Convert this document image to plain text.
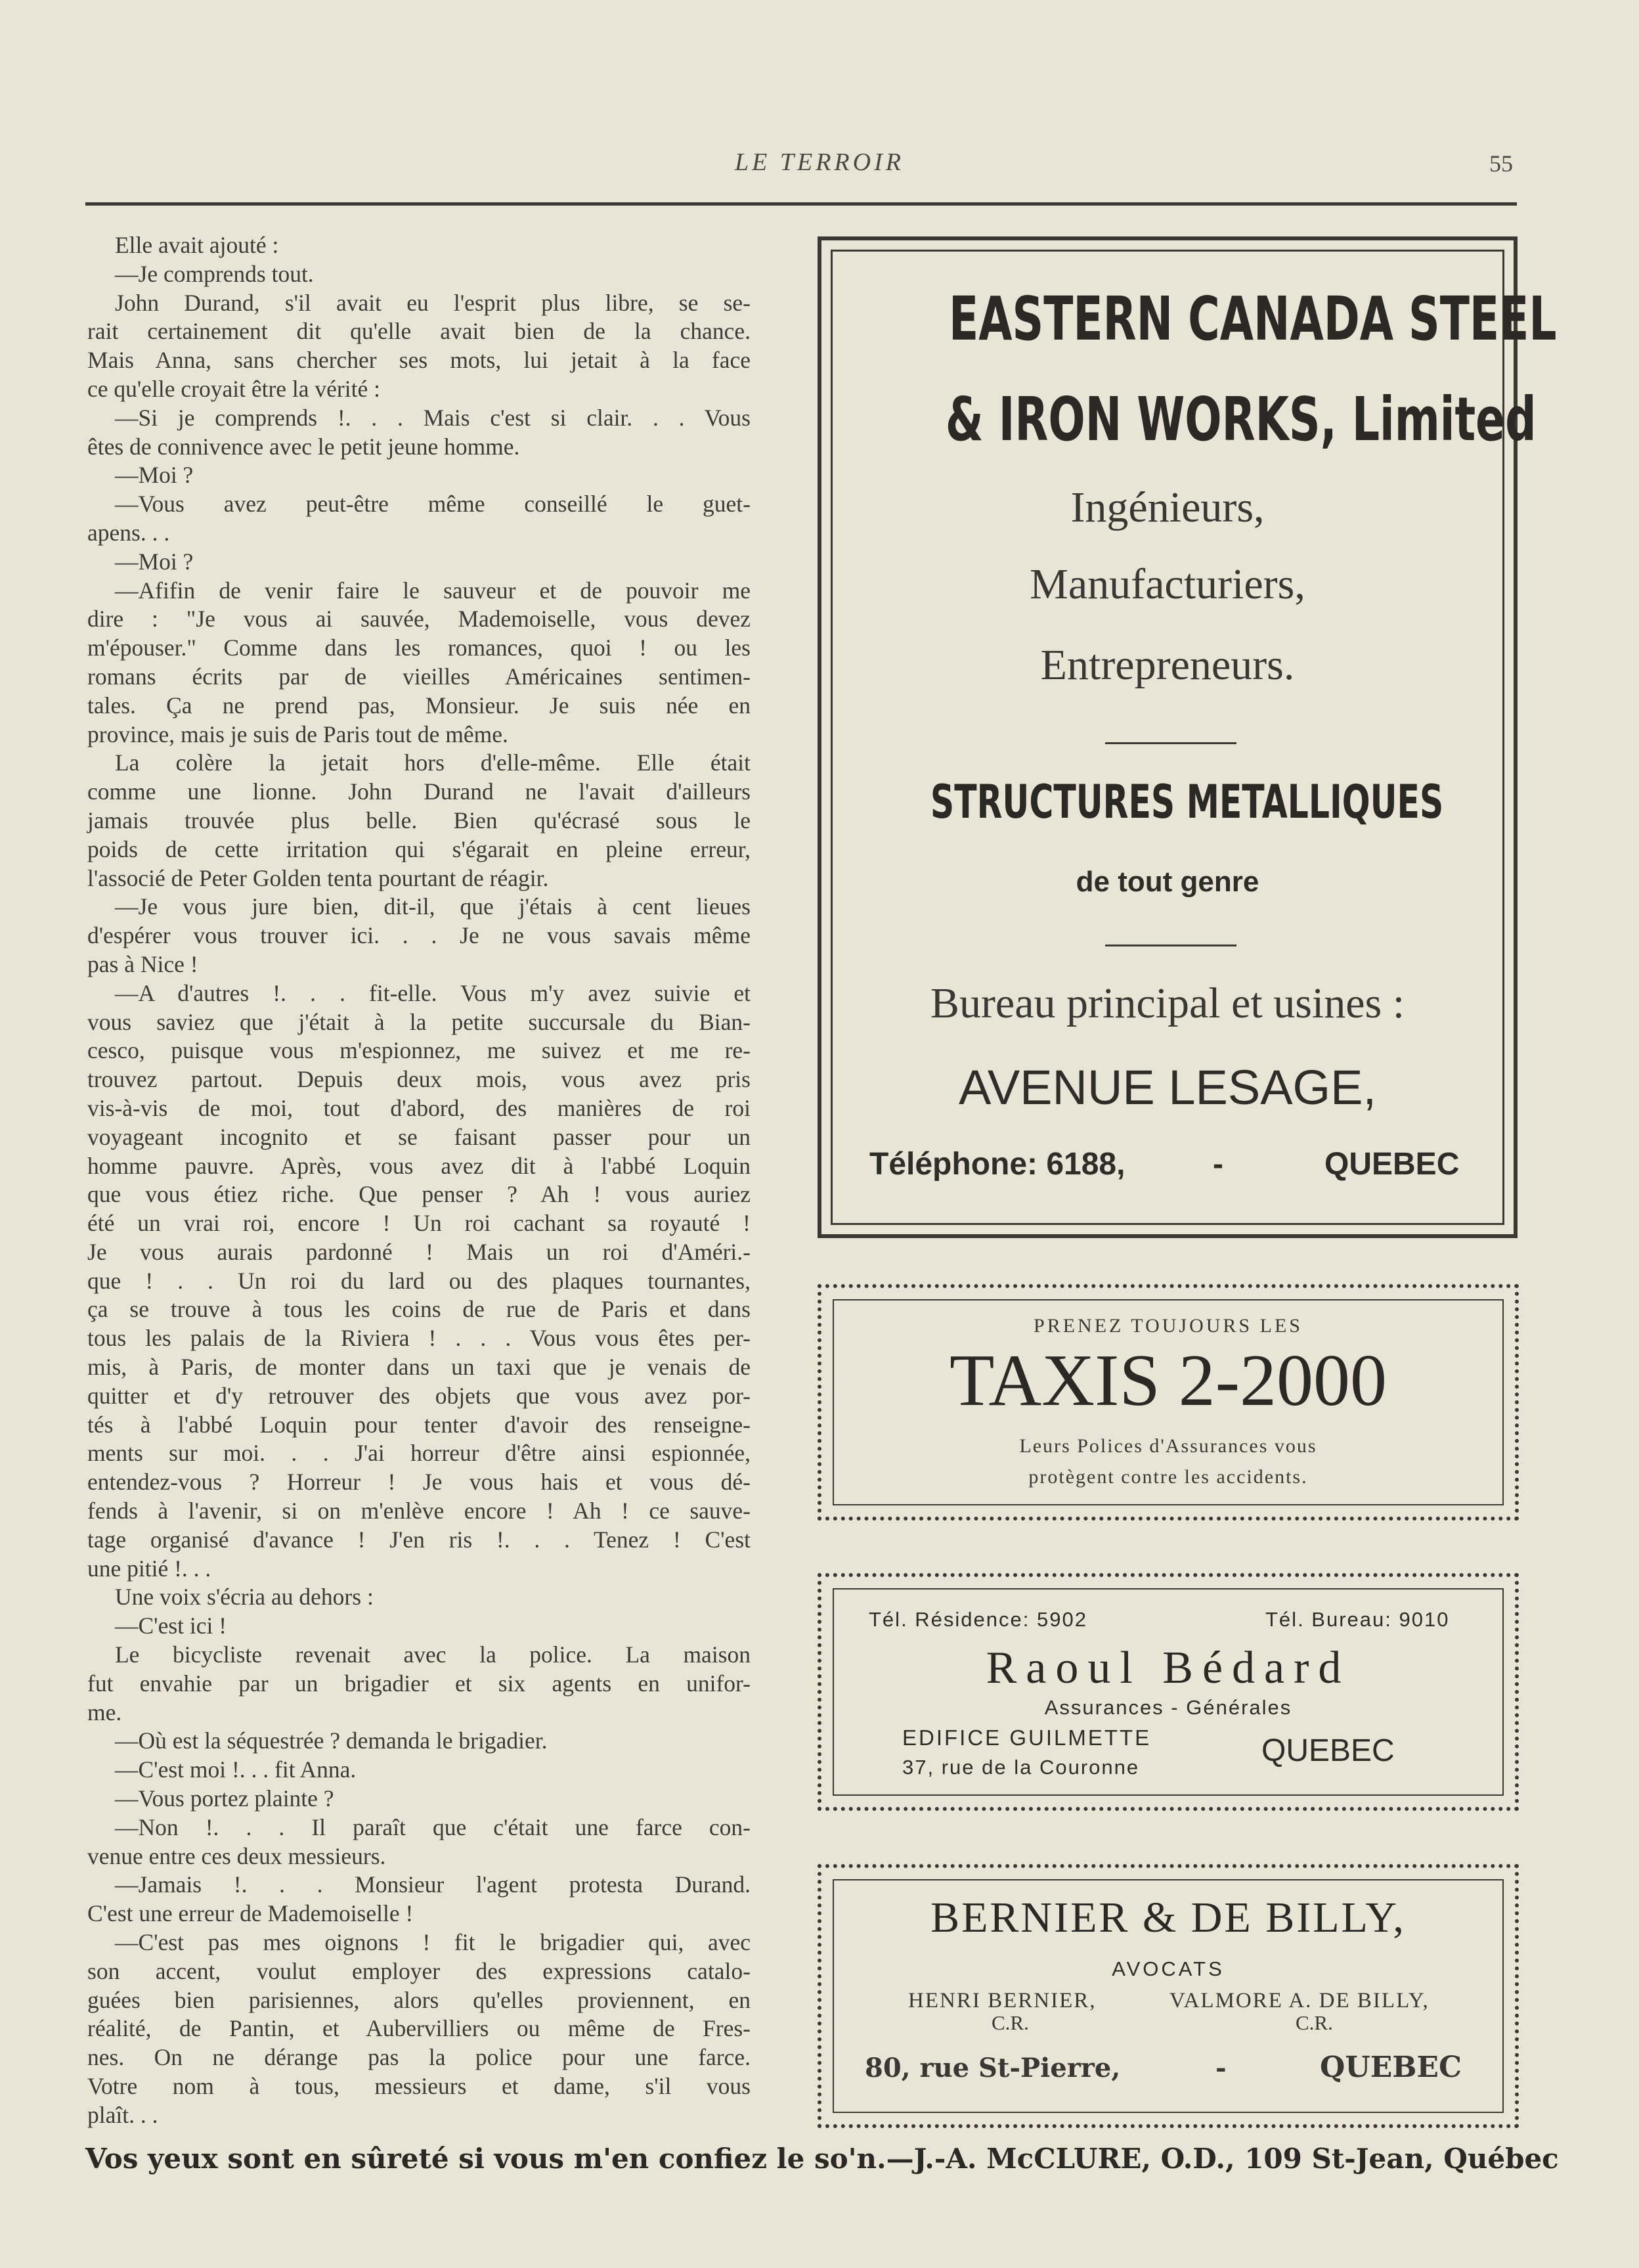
LE TERROIR	55
Elle avait ajouté :
—Je comprends tout.
John Durand, s'il avait eu l'esprit plus libre, se se-
rait certainement dit qu'elle avait bien de la chance.
Mais Anna, sans chercher ses mots, lui jetait à la face
ce qu'elle croyait être la vérité :
—Si je comprends !. . . Mais c'est si clair. . . Vous
êtes de connivence avec le petit jeune homme.
—Moi ?
—Vous avez peut-être même conseillé le guet-
apens. . .
—Moi ?
—Afifin de venir faire le sauveur et de pouvoir me
dire : "Je vous ai sauvée, Mademoiselle, vous devez
m'épouser." Comme dans les romances, quoi ! ou les
romans écrits par de vieilles Américaines sentimen-
tales. Ça ne prend pas, Monsieur. Je suis née en
province, mais je suis de Paris tout de même.
La colère la jetait hors d'elle-même. Elle était
comme une lionne. John Durand ne l'avait d'ailleurs
jamais trouvée plus belle. Bien qu'écrasé sous le
poids de cette irritation qui s'égarait en pleine erreur,
l'associé de Peter Golden tenta pourtant de réagir.
—Je vous jure bien, dit-il, que j'étais à cent lieues
d'espérer vous trouver ici. . . Je ne vous savais même
pas à Nice !
—A d'autres !. . . fit-elle. Vous m'y avez suivie et
vous saviez que j'était à la petite succursale du Bian-
cesco, puisque vous m'espionnez, me suivez et me re-
trouvez partout. Depuis deux mois, vous avez pris
vis-à-vis de moi, tout d'abord, des manières de roi
voyageant incognito et se faisant passer pour un
homme pauvre. Après, vous avez dit à l'abbé Loquin
que vous étiez riche. Que penser ? Ah ! vous auriez
été un vrai roi, encore ! Un roi cachant sa royauté !
Je vous aurais pardonné ! Mais un roi d'Améri.-
que ! . . Un roi du lard ou des plaques tournantes,
ça se trouve à tous les coins de rue de Paris et dans
tous les palais de la Riviera ! . . . Vous vous êtes per-
mis, à Paris, de monter dans un taxi que je venais de
quitter et d'y retrouver des objets que vous avez por-
tés à l'abbé Loquin pour tenter d'avoir des renseigne-
ments sur moi. . . J'ai horreur d'être ainsi espionnée,
entendez-vous ? Horreur ! Je vous hais et vous dé-
fends à l'avenir, si on m'enlève encore ! Ah ! ce sauve-
tage organisé d'avance ! J'en ris !. . . Tenez ! C'est
une pitié !. . .
Une voix s'écria au dehors :
—C'est ici !
Le bicycliste revenait avec la police. La maison
fut envahie par un brigadier et six agents en unifor-
me.
—Où est la séquestrée ? demanda le brigadier.
—C'est moi !. . . fit Anna.
—Vous portez plainte ?
—Non !. . . Il paraît que c'était une farce con-
venue entre ces deux messieurs.
—Jamais !. . . Monsieur l'agent protesta Durand.
C'est une erreur de Mademoiselle !
—C'est pas mes oignons ! fit le brigadier qui, avec
son accent, voulut employer des expressions catalo-
guées bien parisiennes, alors qu'elles proviennent, en
réalité, de Pantin, et Aubervilliers ou même de Fres-
nes. On ne dérange pas la police pour une farce.
Votre nom à tous, messieurs et dame, s'il vous
plaît. . .
EASTERN CANADA STEEL
& IRON WORKS, Limited
Ingénieurs,
Manufacturiers,
Entrepreneurs.
STRUCTURES METALLIQUES
de tout genre
Bureau principal et usines :
AVENUE LESAGE,
Téléphone: 6188,	-	QUEBEC
PRENEZ TOUJOURS LES
TAXIS 2-2000
Leurs Polices d'Assurances vous
protègent contre les accidents.
Tél. Résidence: 5902	Tél. Bureau: 9010
Raoul Bédard
Assurances - Générales
EDIFICE GUILMETTE
37, rue de la Couronne	QUEBEC
BERNIER & DE BILLY,
AVOCATS
HENRI BERNIER,
C.R.
VALMORE A. DE BILLY,
C.R.
80, rue St-Pierre,	-	QUEBEC
Vos yeux sont en sûreté si vous m'en confiez le so'n.—J.-A. McCLURE, O.D., 109 St-Jean, Québec
